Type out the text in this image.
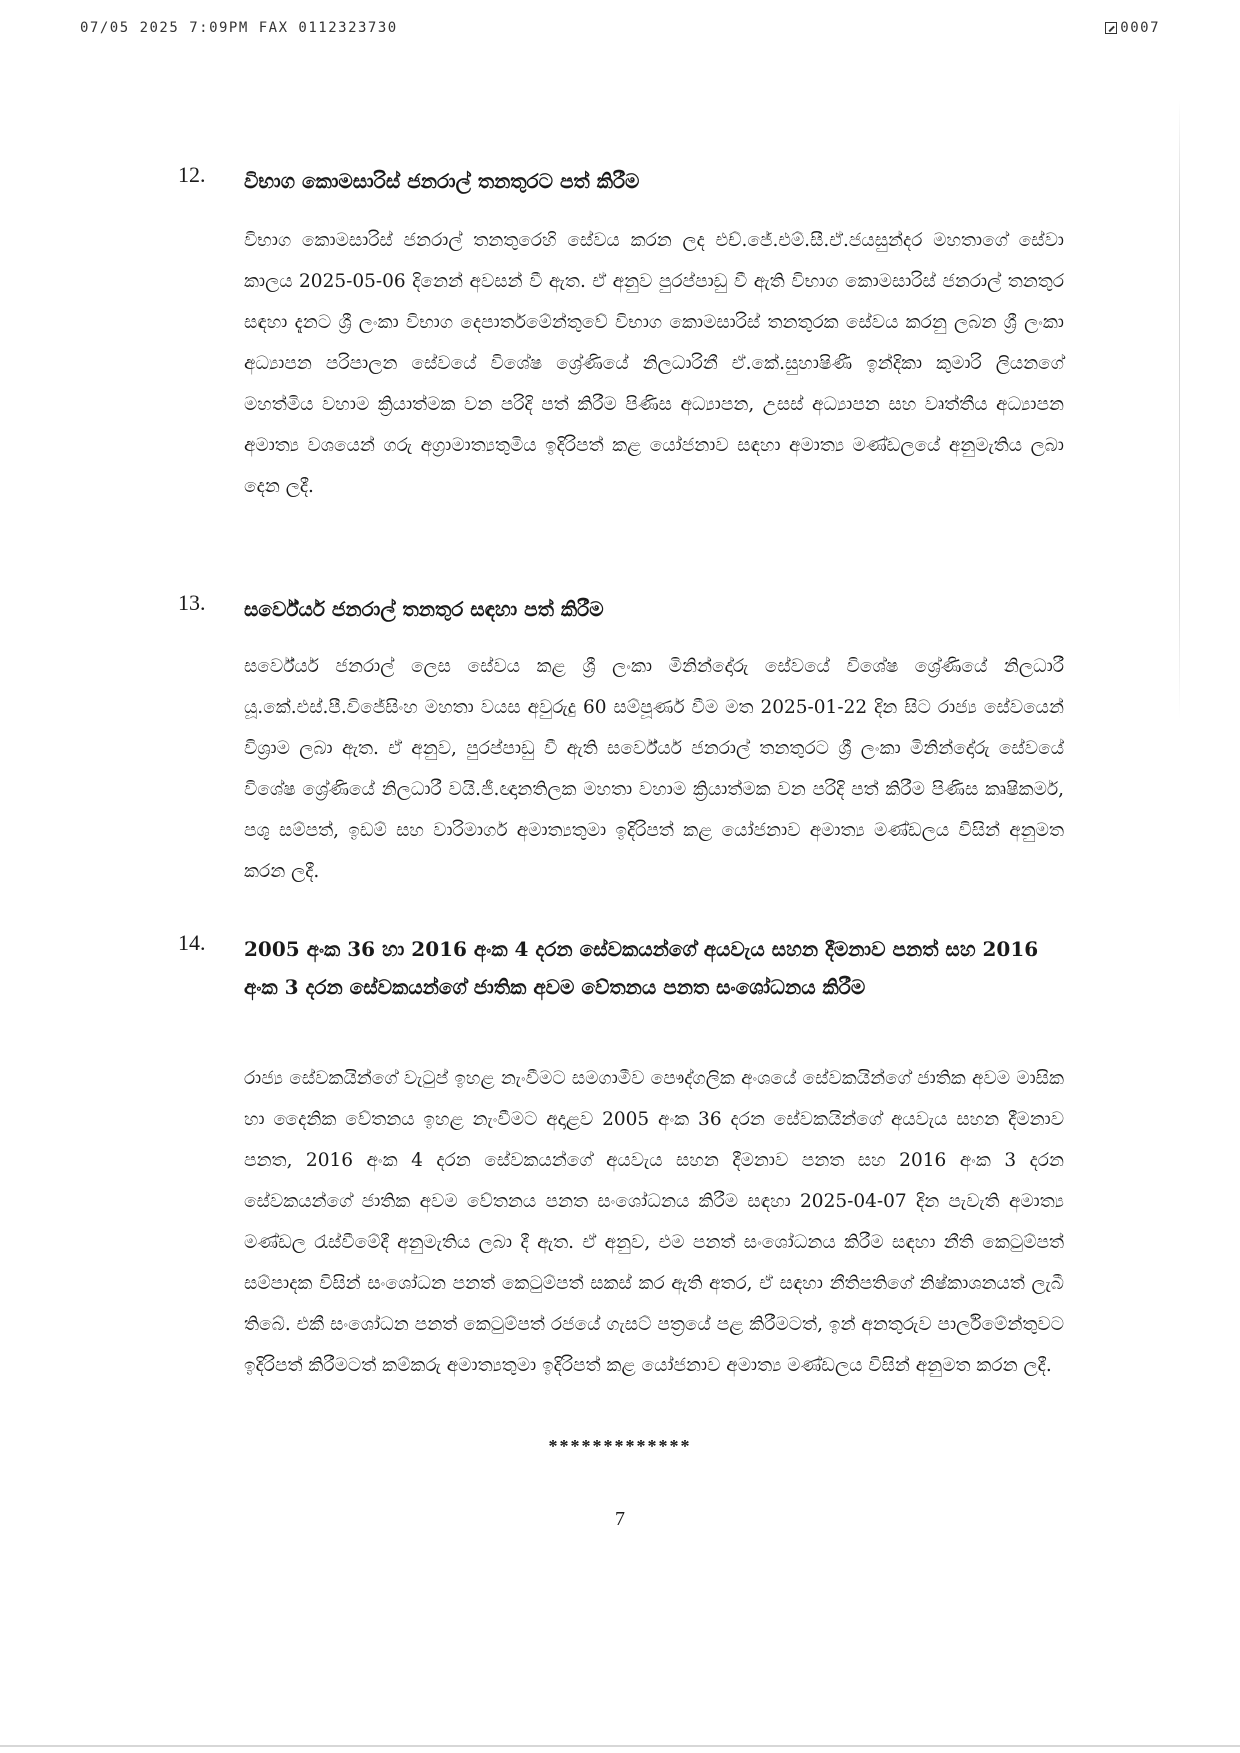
07/05 2025 7:09PM FAX 0112323730	0007
12. විභාග කොමසාරිස් ජනරාල් තනතුරට පත් කිරීම

විභාග කොමසාරිස් ජනරාල් තනතුරෙහි සේවය කරන ලද එච්.ජේ.එම්.සී.ඒ.ජයසුන්දර මහතාගේ සේවා කාලය 2025-05-06 දිනෙන් අවසන් වී ඇත. ඒ අනුව පුරප්පාඩු වී ඇති විභාග කොමසාරිස් ජනරාල් තනතුර සඳහා දැනට ශ්‍රී ලංකා විභාග දෙපාර්තමේන්තුවේ විභාග කොමසාරිස් තනතුරක සේවය කරනු ලබන ශ්‍රී ලංකා අධ්‍යාපන පරිපාලන සේවයේ විශේෂ ශ්‍රේණියේ නිලධාරිනී ඒ.කේ.සුහාෂිණී ඉන්දිකා කුමාරි ලියනගේ මහත්මිය වහාම ක්‍රියාත්මක වන පරිදි පත් කිරීම පිණිස අධ්‍යාපන, උසස් අධ්‍යාපන සහ වෘත්තීය අධ්‍යාපන අමාත්‍ය වශයෙන් ගරු අග්‍රාමාත්‍යතුමිය ඉදිරිපත් කළ යෝජනාව සඳහා අමාත්‍ය මණ්ඩලයේ අනුමැතිය ලබා දෙන ලදී.

13. සර්වේයර් ජනරාල් තනතුර සඳහා පත් කිරීම

සර්වේයර් ජනරාල් ලෙස සේවය කළ ශ්‍රී ලංකා මිනින්දෝරු සේවයේ විශේෂ ශ්‍රේණියේ නිලධාරී යූ.කේ.එස්.පී.විජේසිංහ මහතා වයස අවුරුදු 60 සම්පූර්ණ වීම මත 2025-01-22 දින සිට රාජ්‍ය සේවයෙන් විශ්‍රාම ලබා ඇත. ඒ අනුව, පුරප්පාඩු වී ඇති සර්වේයර් ජනරාල් තනතුරට ශ්‍රී ලංකා මිනින්දෝරු සේවයේ විශේෂ ශ්‍රේණියේ නිලධාරී වයි.ජී.ඥානතිලක මහතා වහාම ක්‍රියාත්මක වන පරිදි පත් කිරීම පිණිස කෘෂිකර්ම, පශු සම්පත්, ඉඩම් සහ වාරිමාර්ග අමාත්‍යතුමා ඉදිරිපත් කළ යෝජනාව අමාත්‍ය මණ්ඩලය විසින් අනුමත කරන ලදී.

14. 2005 අංක 36 හා 2016 අංක 4 දරන සේවකයන්ගේ අයවැය සහන දීමනාව පනත් සහ 2016 අංක 3 දරන සේවකයන්ගේ ජාතික අවම වේතනය පනත සංශෝධනය කිරීම

රාජ්‍ය සේවකයින්ගේ වැටුප් ඉහළ නැංවීමට සමගාමීව පෞද්ගලික අංශයේ සේවකයින්ගේ ජාතික අවම මාසික හා දෛනික වේතනය ඉහළ නැංවීමට අදාළව 2005 අංක 36 දරන සේවකයින්ගේ අයවැය සහන දීමනාව පනත, 2016 අංක 4 දරන සේවකයන්ගේ අයවැය සහන දීමනාව පනත සහ 2016 අංක 3 දරන සේවකයන්ගේ ජාතික අවම වේතනය පනත සංශෝධනය කිරීම සඳහා 2025-04-07 දින පැවැති අමාත්‍ය මණ්ඩල රැස්වීමේදී අනුමැතිය ලබා දී ඇත. ඒ අනුව, එම පනත් සංශෝධනය කිරීම සඳහා නීති කෙටුම්පත් සම්පාදක විසින් සංශෝධන පනත් කෙටුම්පත් සකස් කර ඇති අතර, ඒ සඳහා නීතිපතිගේ නිෂ්කාශනයත් ලැබී තිබේ. එකී සංශෝධන පනත් කෙටුම්පත් රජයේ ගැසට් පත්‍රයේ පළ කිරීමටත්, ඉන් අනතුරුව පාර්ලිමේන්තුවට ඉදිරිපත් කිරීමටත් කම්කරු අමාත්‍යතුමා ඉදිරිපත් කළ යෝජනාව අමාත්‍ය මණ්ඩලය විසින් අනුමත කරන ලදී.

*************
7
